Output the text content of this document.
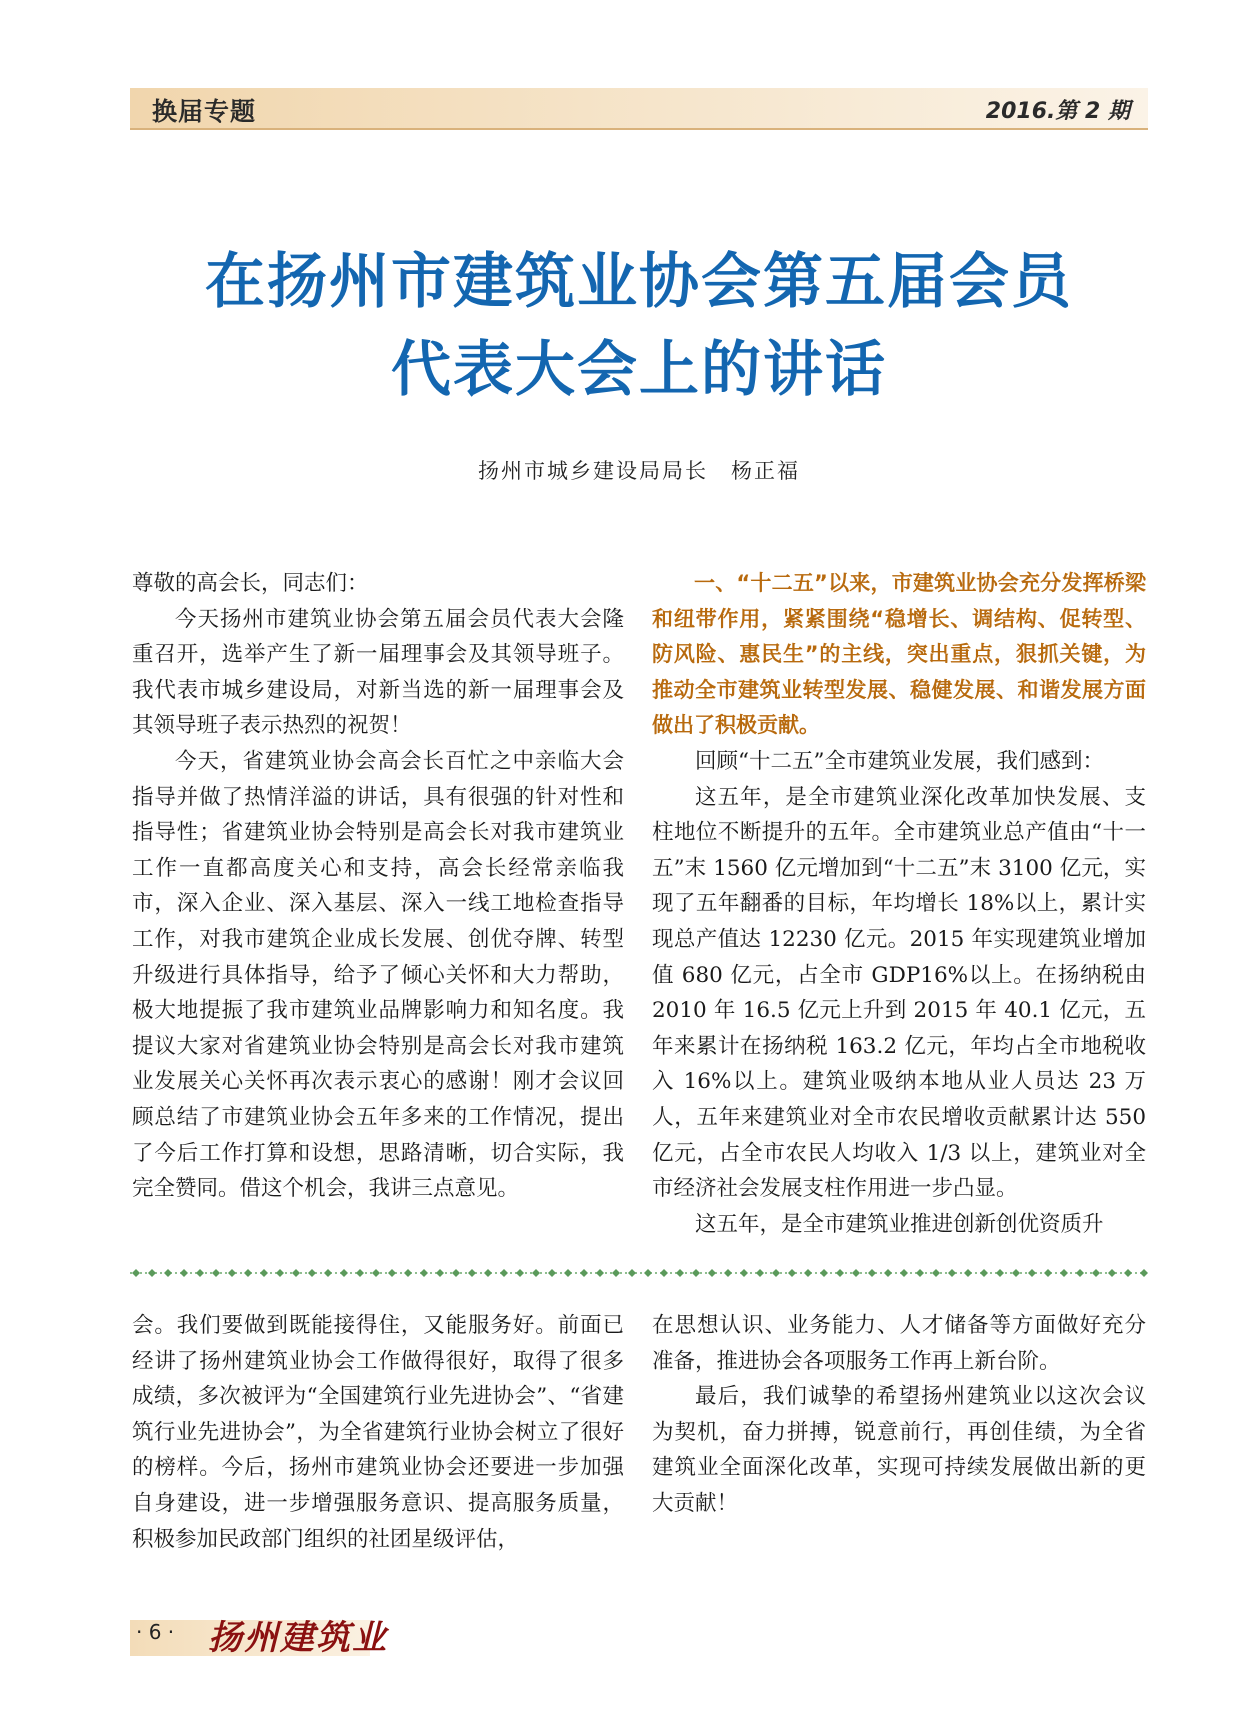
换届专题	2016.第 2 期
在扬州市建筑业协会第五届会员
代表大会上的讲话
扬州市城乡建设局局长　杨正福

尊敬的高会长，同志们：

今天扬州市建筑业协会第五届会员代表大会隆重召开，选举产生了新一届理事会及其领导班子。我代表市城乡建设局，对新当选的新一届理事会及其领导班子表示热烈的祝贺！

今天，省建筑业协会高会长百忙之中亲临大会指导并做了热情洋溢的讲话，具有很强的针对性和指导性；省建筑业协会特别是高会长对我市建筑业工作一直都高度关心和支持，高会长经常亲临我市，深入企业、深入基层、深入一线工地检查指导工作，对我市建筑企业成长发展、创优夺牌、转型升级进行具体指导，给予了倾心关怀和大力帮助，极大地提振了我市建筑业品牌影响力和知名度。我提议大家对省建筑业协会特别是高会长对我市建筑业发展关心关怀再次表示衷心的感谢！刚才会议回顾总结了市建筑业协会五年多来的工作情况，提出了今后工作打算和设想，思路清晰，切合实际，我完全赞同。借这个机会，我讲三点意见。

一、“十二五”以来，市建筑业协会充分发挥桥梁和纽带作用，紧紧围绕“稳增长、调结构、促转型、防风险、惠民生”的主线，突出重点，狠抓关键，为推动全市建筑业转型发展、稳健发展、和谐发展方面做出了积极贡献。

回顾“十二五”全市建筑业发展，我们感到：

这五年，是全市建筑业深化改革加快发展、支柱地位不断提升的五年。全市建筑业总产值由“十一五”末 1560 亿元增加到“十二五”末 3100 亿元，实现了五年翻番的目标，年均增长 18%以上，累计实现总产值达 12230 亿元。2015 年实现建筑业增加值 680 亿元，占全市 GDP16%以上。在扬纳税由 2010 年 16.5 亿元上升到 2015 年 40.1 亿元，五年来累计在扬纳税 163.2 亿元，年均占全市地税收入 16%以上。建筑业吸纳本地从业人员达 23 万人，五年来建筑业对全市农民增收贡献累计达 550 亿元，占全市农民人均收入 1/3 以上，建筑业对全市经济社会发展支柱作用进一步凸显。

这五年，是全市建筑业推进创新创优资质升

会。我们要做到既能接得住，又能服务好。前面已经讲了扬州建筑业协会工作做得很好，取得了很多成绩，多次被评为“全国建筑行业先进协会”、“省建筑行业先进协会”，为全省建筑行业协会树立了很好的榜样。今后，扬州市建筑业协会还要进一步加强自身建设，进一步增强服务意识、提高服务质量，积极参加民政部门组织的社团星级评估，

在思想认识、业务能力、人才储备等方面做好充分准备，推进协会各项服务工作再上新台阶。

最后，我们诚挚的希望扬州建筑业以这次会议为契机，奋力拼搏，锐意前行，再创佳绩，为全省建筑业全面深化改革，实现可持续发展做出新的更大贡献！

· 6 · 扬州建筑业
